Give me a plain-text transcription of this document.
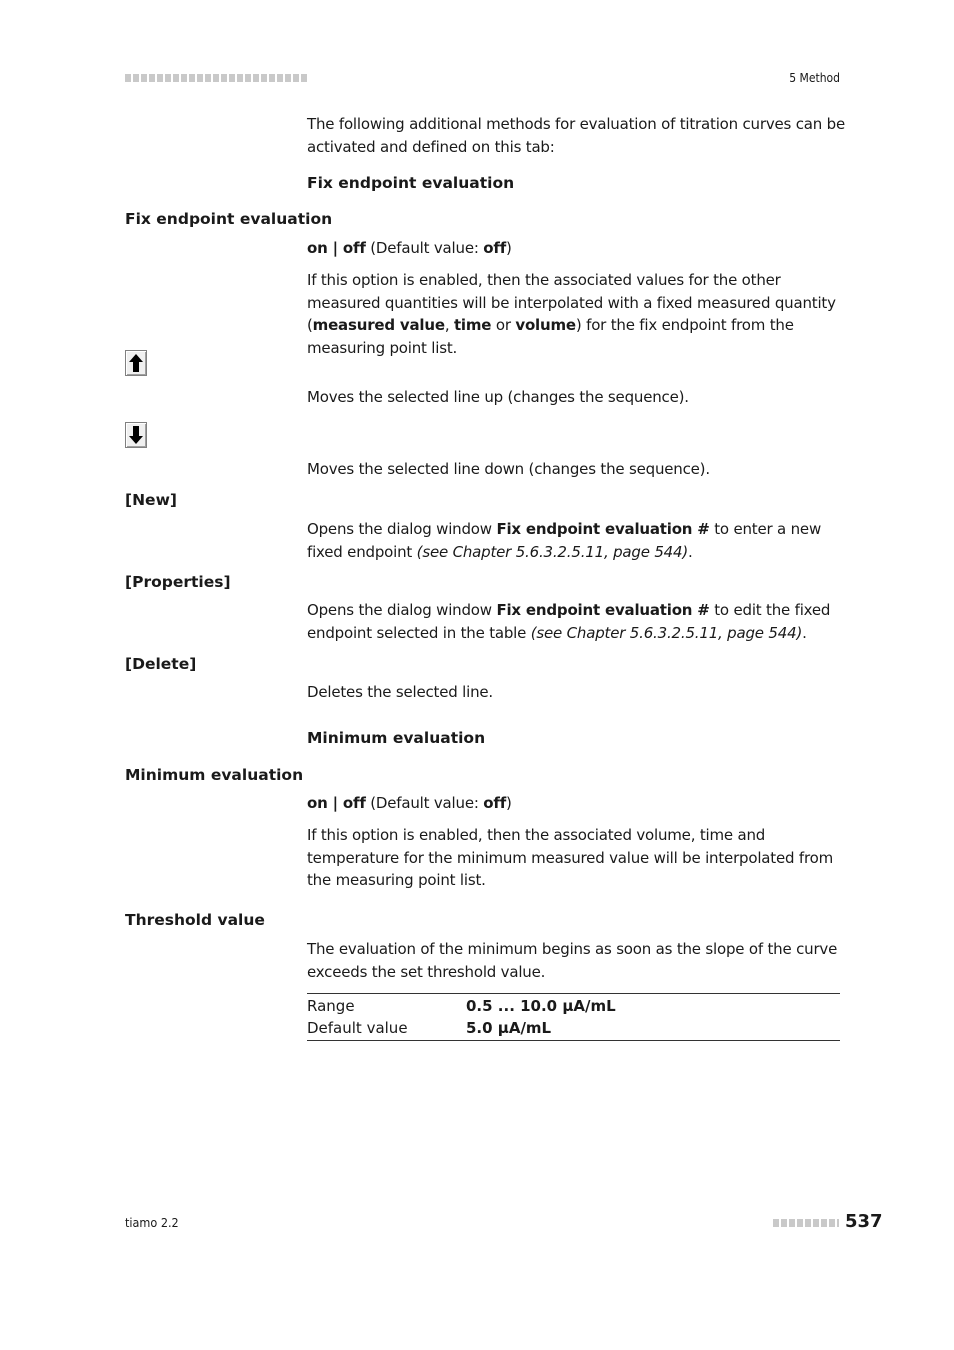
5 Method
The following additional methods for evaluation of titration curves can be activated and defined on this tab:
Fix endpoint evaluation
Fix endpoint evaluation
on | off (Default value: off)
If this option is enabled, then the associated values for the other measured quantities will be interpolated with a fixed measured quantity (measured value, time or volume) for the fix endpoint from the measuring point list.
Moves the selected line up (changes the sequence).
Moves the selected line down (changes the sequence).
[New]
Opens the dialog window Fix endpoint evaluation # to enter a new fixed endpoint (see Chapter 5.6.3.2.5.11, page 544).
[Properties]
Opens the dialog window Fix endpoint evaluation # to edit the fixed endpoint selected in the table (see Chapter 5.6.3.2.5.11, page 544).
[Delete]
Deletes the selected line.
Minimum evaluation
Minimum evaluation
on | off (Default value: off)
If this option is enabled, then the associated volume, time and temperature for the minimum measured value will be interpolated from the measuring point list.
Threshold value
The evaluation of the minimum begins as soon as the slope of the curve exceeds the set threshold value.
Range	0.5 ... 10.0 µA/mL
Default value	5.0 µA/mL
tiamo 2.2	537
